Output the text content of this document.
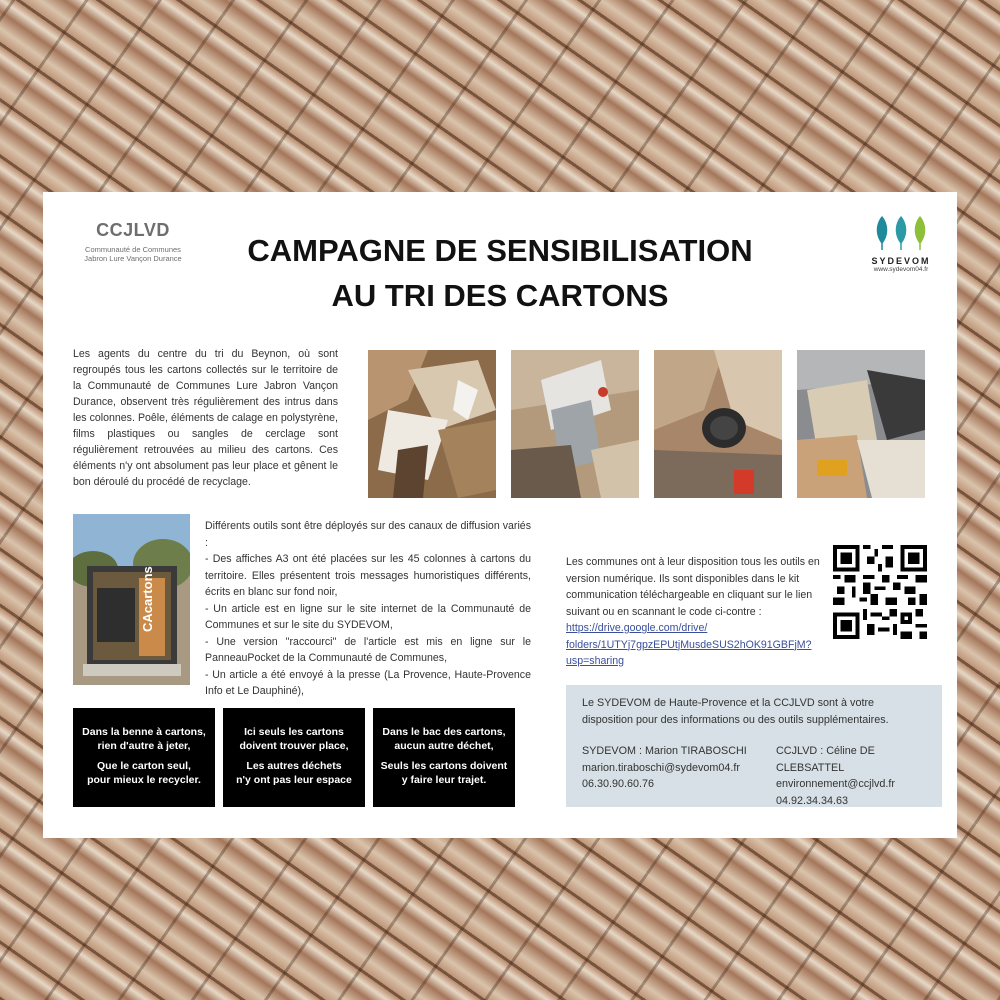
CCJLVD
Communauté de Communes
Jabron Lure Vançon Durance	CAMPAGNE DE SENSIBILISATION
AU TRI DES CARTONS
SYDEVOM
www.sydevom04.fr
Les agents du centre du tri du Beynon, où sont regroupés tous les cartons collectés sur le territoire de la Communauté de Communes Lure Jabron Vançon Durance, observent très régulièrement des intrus dans les colonnes. Poêle, éléments de calage en polystyrène, films plastiques ou sangles de cerclage sont régulièrement retrouvées au milieu des cartons. Ces éléments n'y ont absolument pas leur place et gênent le bon déroulé du procédé de recyclage.
CAcartons
Différents outils sont être déployés sur des canaux de diffusion variés :
- Des affiches A3 ont été placées sur les 45 colonnes à cartons du territoire. Elles présentent trois messages humoristiques différents, écrits en blanc sur fond noir,
- Un article est en ligne sur le site internet de la Communauté de Communes et sur le site du SYDEVOM,
- Une version ''raccourci'' de l'article est mis en ligne sur le PanneauPocket de la Communauté de Communes,
- Un article a été envoyé à la presse (La Provence, Haute-Provence Info et Le Dauphiné),
Dans la benne à cartons,
rien d'autre à jeter,
Que le carton seul,
pour mieux le recycler.
Ici seuls les cartons
doivent trouver place,
Les autres déchets
n'y ont pas leur espace
Dans le bac des cartons,
aucun autre déchet,
Seuls les cartons doivent
y faire leur trajet.
Les communes ont à leur disposition tous les outils en version numérique. Ils sont disponibles dans le kit communication téléchargeable en cliquant sur le lien suivant ou en scannant le code ci-contre :
https://drive.google.com/drive/
folders/1UTYj7gpzEPUtjMusdeSUS2hOK91GBFjM?usp=sharing
Le SYDEVOM de Haute-Provence et la CCJLVD sont à votre disposition pour des informations ou des outils supplémentaires.
SYDEVOM : Marion TIRABOSCHI
marion.tiraboschi@sydevom04.fr
06.30.90.60.76
CCJLVD : Céline DE CLEBSATTEL
environnement@ccjlvd.fr
04.92.34.34.63
